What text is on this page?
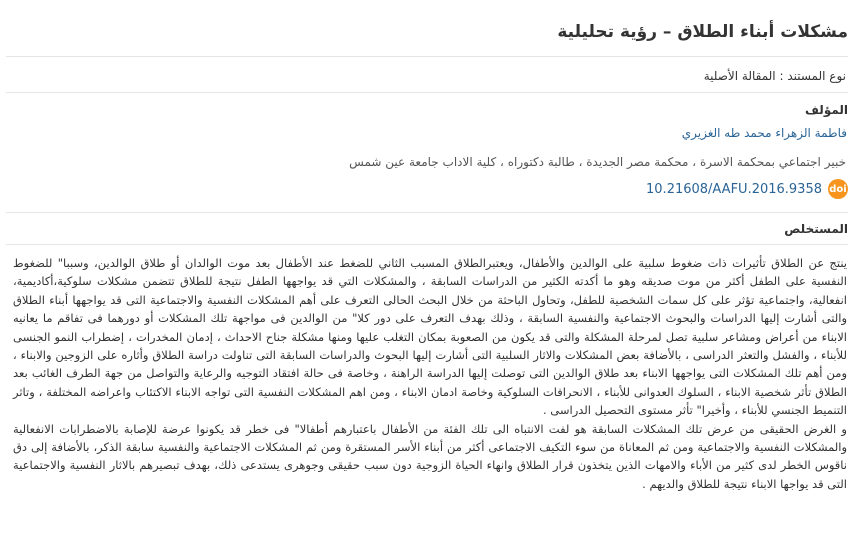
مشكلات أبناء الطلاق – رؤية تحليلية
نوع المستند : المقالة الأصلية
المؤلف
فاطمة الزهراء محمد طه الغزيري
خبير اجتماعي بمحكمة الاسرة ، محكمة مصر الجديدة ، طالبة دكتوراه ، كلية الاداب جامعة عين شمس
doi
10.21608/AAFU.2016.9358
المستخلص

ينتج عن الطلاق تأثيرات ذات ضغوط سلبية على الوالدين والأطفال، ويعتبرالطلاق المسبب الثاني للضغط عند الأطفال بعد موت الوالدان أو طلاق الوالدين، وسببا" للضغوط النفسية على الطفل أكثر من موت صديقه وهو ما أكدته الكثير من الدراسات السابقة ، والمشكلات التي قد يواجهها الطفل نتيجة للطلاق تتضمن مشكلات سلوكية،أكاديمية، انفعالية، واجتماعية تؤثر على كل سمات الشخصية للطفل، وتحاول الباحثة من خلال البحث الحالى التعرف على أهم المشكلات النفسية والاجتماعية التى قد يواجهها أبناء الطلاق والتى أشارت إليها الدراسات والبحوث الاجتماعية والنفسية السابقة ، وذلك بهدف التعرف على دور كلا" من الوالدين فى مواجهة تلك المشكلات أو دورهما فى تفاقم ما يعانيه الابناء من أعراض ومشاعر سلبية تصل لمرحلة المشكلة والتى قد يكون من الصعوبة بمكان التغلب عليها ومنها مشكلة جناح الاحداث ، إدمان المخدرات ، إضطراب النمو الجنسى للأبناء ، والفشل والتعثر الدراسى ، بالأضافة بعض المشكلات والاثار السلبية التى أشارت إليها البحوث والدراسات السابقة التى تناولت دراسة الطلاق وأثاره على الزوجين والابناء ، ومن أهم تلك المشكلات التى يواجهها الابناء بعد طلاق الوالدين التى توصلت إليها الدراسة الراهنة ، وخاصة فى حالة افتقاد التوجيه والرعاية والتواصل من جهة الطرف الغائب بعد الطلاق تأثر شخصية الابناء ، السلوك العدوانى للأبناء ، الانحرافات السلوكية وخاصة ادمان الابناء ، ومن اهم المشكلات النفسية التى تواجه الابناء الاكتئاب واعراضه المختلفة ، وتاثر التنميط الجنسي للأبناء ، وأخيرا" تأثر مستوى التحصيل الدراسى .

و الغرض الحقيقى من عرض تلك المشكلات السابقة هو لفت الانتباه الى تلك الفئة من الأطفال باعتبارهم أطفالا" فى خطر قد يكونوا عرضة للإصابة بالاضطرابات الانفعالية والمشكلات النفسية والاجتماعية ومن ثم المعاناة من سوء التكيف الاجتماعى أكثر من أبناء الأسر المستقرة ومن ثم المشكلات الاجتماعية والنفسية سابقة الذكر، بالأضافة إلى دق ناقوس الخطر لدى كثير من الأباء والامهات الذين يتخذون قرار الطلاق وانهاء الحياة الزوجية دون سبب حقيقى وجوهرى يستدعى ذلك، بهدف تبصيرهم بالاثار النفسية والاجتماعية التى قد يواجها الابناء نتيجة للطلاق والديهم .
